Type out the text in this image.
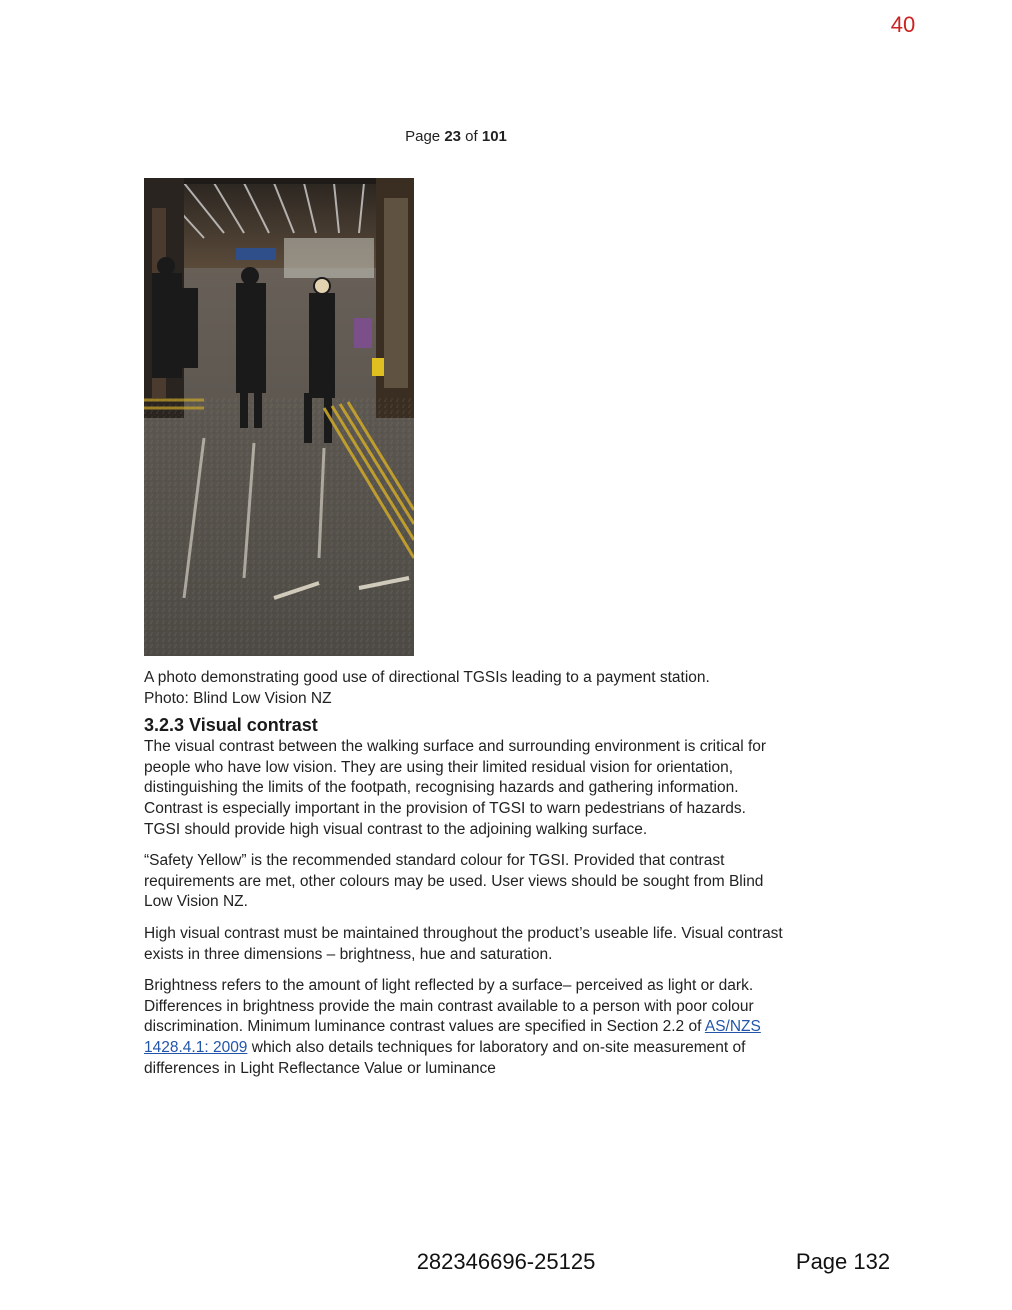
40
Page 23 of 101

A photo demonstrating good use of directional TGSIs leading to a payment station.
Photo: Blind Low Vision NZ

3.2.3 Visual contrast

The visual contrast between the walking surface and surrounding environment is critical for people who have low vision. They are using their limited residual vision for orientation, distinguishing the limits of the footpath, recognising hazards and gathering information. Contrast is especially important in the provision of TGSI to warn pedestrians of hazards. TGSI should provide high visual contrast to the adjoining walking surface.

“Safety Yellow” is the recommended standard colour for TGSI. Provided that contrast requirements are met, other colours may be used. User views should be sought from Blind Low Vision NZ.

High visual contrast must be maintained throughout the product’s useable life. Visual contrast exists in three dimensions – brightness, hue and saturation.

Brightness refers to the amount of light reflected by a surface– perceived as light or dark. Differences in brightness provide the main contrast available to a person with poor colour discrimination. Minimum luminance contrast values are specified in Section 2.2 of AS/NZS 1428.4.1: 2009 which also details techniques for laboratory and on-site measurement of differences in Light Reflectance Value or luminance

282346696-25125	Page 132
